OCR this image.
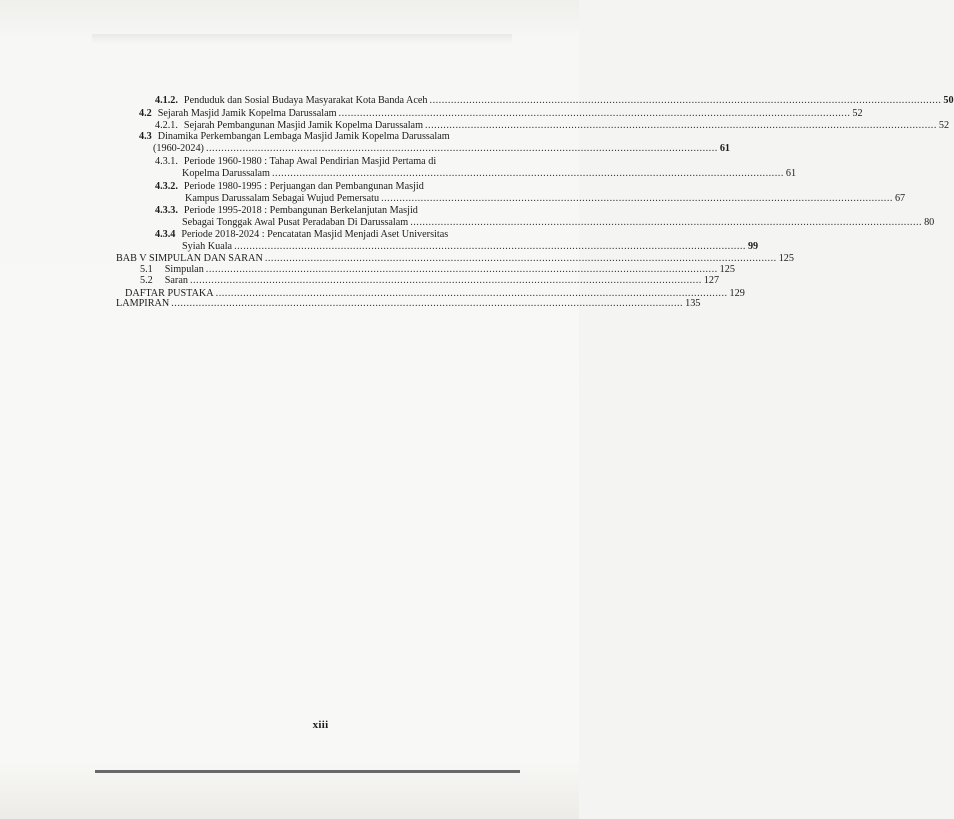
4.1.2. Penduduk dan Sosial Budaya Masyarakat Kota Banda Aceh ........................................................................................................................................................................ 50
4.2 Sejarah Masjid Jamik Kopelma Darussalam ........................................................................................................................................................................ 52
4.2.1. Sejarah Pembangunan Masjid Jamik Kopelma Darussalam ........................................................................................................................................................................ 52
4.3 Dinamika Perkembangan Lembaga Masjid Jamik Kopelma Darussalam
(1960-2024) ........................................................................................................................................................................ 61
4.3.1. Periode 1960-1980 : Tahap Awal Pendirian Masjid Pertama di
Kopelma Darussalam ........................................................................................................................................................................ 61
4.3.2. Periode 1980-1995 : Perjuangan dan Pembangunan Masjid
Kampus Darussalam Sebagai Wujud Pemersatu ........................................................................................................................................................................ 67
4.3.3. Periode 1995-2018 : Pembangunan Berkelanjutan Masjid
Sebagai Tonggak Awal Pusat Peradaban Di Darussalam ........................................................................................................................................................................ 80
4.3.4 Periode 2018-2024 : Pencatatan Masjid Menjadi Aset Universitas
Syiah Kuala ........................................................................................................................................................................ 99
BAB V SIMPULAN DAN SARAN ........................................................................................................................................................................ 125
5.1 Simpulan ........................................................................................................................................................................ 125
5.2 Saran ........................................................................................................................................................................ 127
DAFTAR PUSTAKA ........................................................................................................................................................................ 129
LAMPIRAN ........................................................................................................................................................................ 135
xiii
